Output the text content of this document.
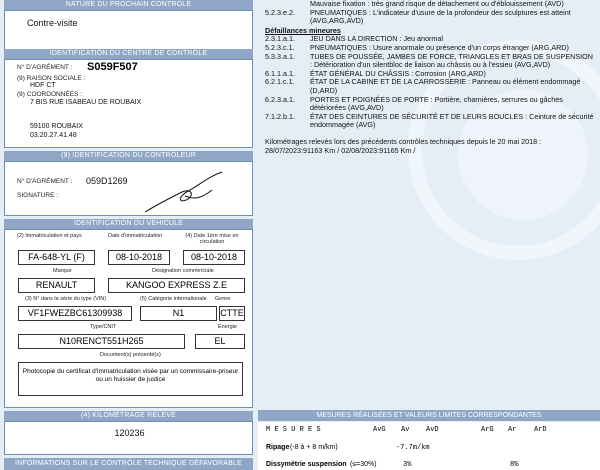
NATURE DU PROCHAIN CONTRÔLE
Contre-visite
IDENTIFICATION DU CENTRE DE CONTRÔLE
N° D'AGRÉMENT : S059F507
(9) RAISON SOCIALE :
HDF CT
(9) COORDONNÉES :
7 BIS RUE ISABEAU DE ROUBAIX
59100 ROUBAIX
03.20.27.41.48
(9) IDENTIFICATION DU CONTRÔLEUR
N° D'AGRÉMENT : 059D1269
SIGNATURE :
IDENTIFICATION DU VÉHICULE
(2) Immatriculation et pays	Date d'immatriculation	(4) Date 1ère mise en circulation
FA-648-YL (F)	08-10-2018	08-10-2018
Marque	Désignation commerciale
RENAULT	KANGOO EXPRESS Z.E
(3) N° dans la série du type (VIN)	(5) Catégorie internationale Genre
VF1FWEZBC61309938	N1	CTTE
Type/CNIT	Énergie
N10RENCT551H265	EL
Document(s) présenté(s)
Photocopie du certificat d'immatriculation visée par un commissaire-priseur ou un huissier de justice
(4) KILOMÉTRAGE RELEVÉ
120236
INFORMATIONS SUR LE CONTRÔLE TECHNIQUE DÉFAVORABLE
Mauvaise fixation : très grand risque de détachement ou d'éblouissement (AVD)
5.2.3.e.2. PNEUMATIQUES : L'indicateur d'usure de la profondeur des sculptures est atteint (AVG,ARG,AVD)
Défaillances mineures
2.3.1.a.1. JEU DANS LA DIRECTION : Jeu anormal
5.2.3.c.1. PNEUMATIQUES : Usure anormale ou présence d'un corps étranger (ARG,ARD)
5.3.3.a.1. TUBES DE POUSSÉE, JAMBES DE FORCE, TRIANGLES ET BRAS DE SUSPENSION : Détérioration d'un silentbloc de liaison au châssis ou à l'essieu (AVG,AVD)
6.1.1.a.1. ÉTAT GÉNÉRAL DU CHÂSSIS : Corrosion (ARG,ARD)
6.2.1.c.1. ÉTAT DE LA CABINE ET DE LA CARROSSERIE : Panneau ou élément endommagé (D,ARD)
6.2.3.a.1. PORTES ET POIGNÉES DE PORTE : Portière, charnières, serrures ou gâches détériorées (AVG,AVD)
7.1.2.b.1. ÉTAT DES CEINTURES DE SÉCURITÉ ET DE LEURS BOUCLES : Ceinture de sécurité endommagée (AVG)
Kilométrages relevés lors des précédents contrôles techniques depuis le 20 mai 2018 : 28/07/2023:91163 Km / 02/08/2023:91165 Km /
MESURES RÉALISÉES ET VALEURS LIMITES CORRESPONDANTES
M E S U R E S	AvG Av AvD	ArG Ar	ArD
Ripage (-8 à + 8 m/km)	-7.7m/km
Dissymétrie suspension (≤=30%)	3%	8%
